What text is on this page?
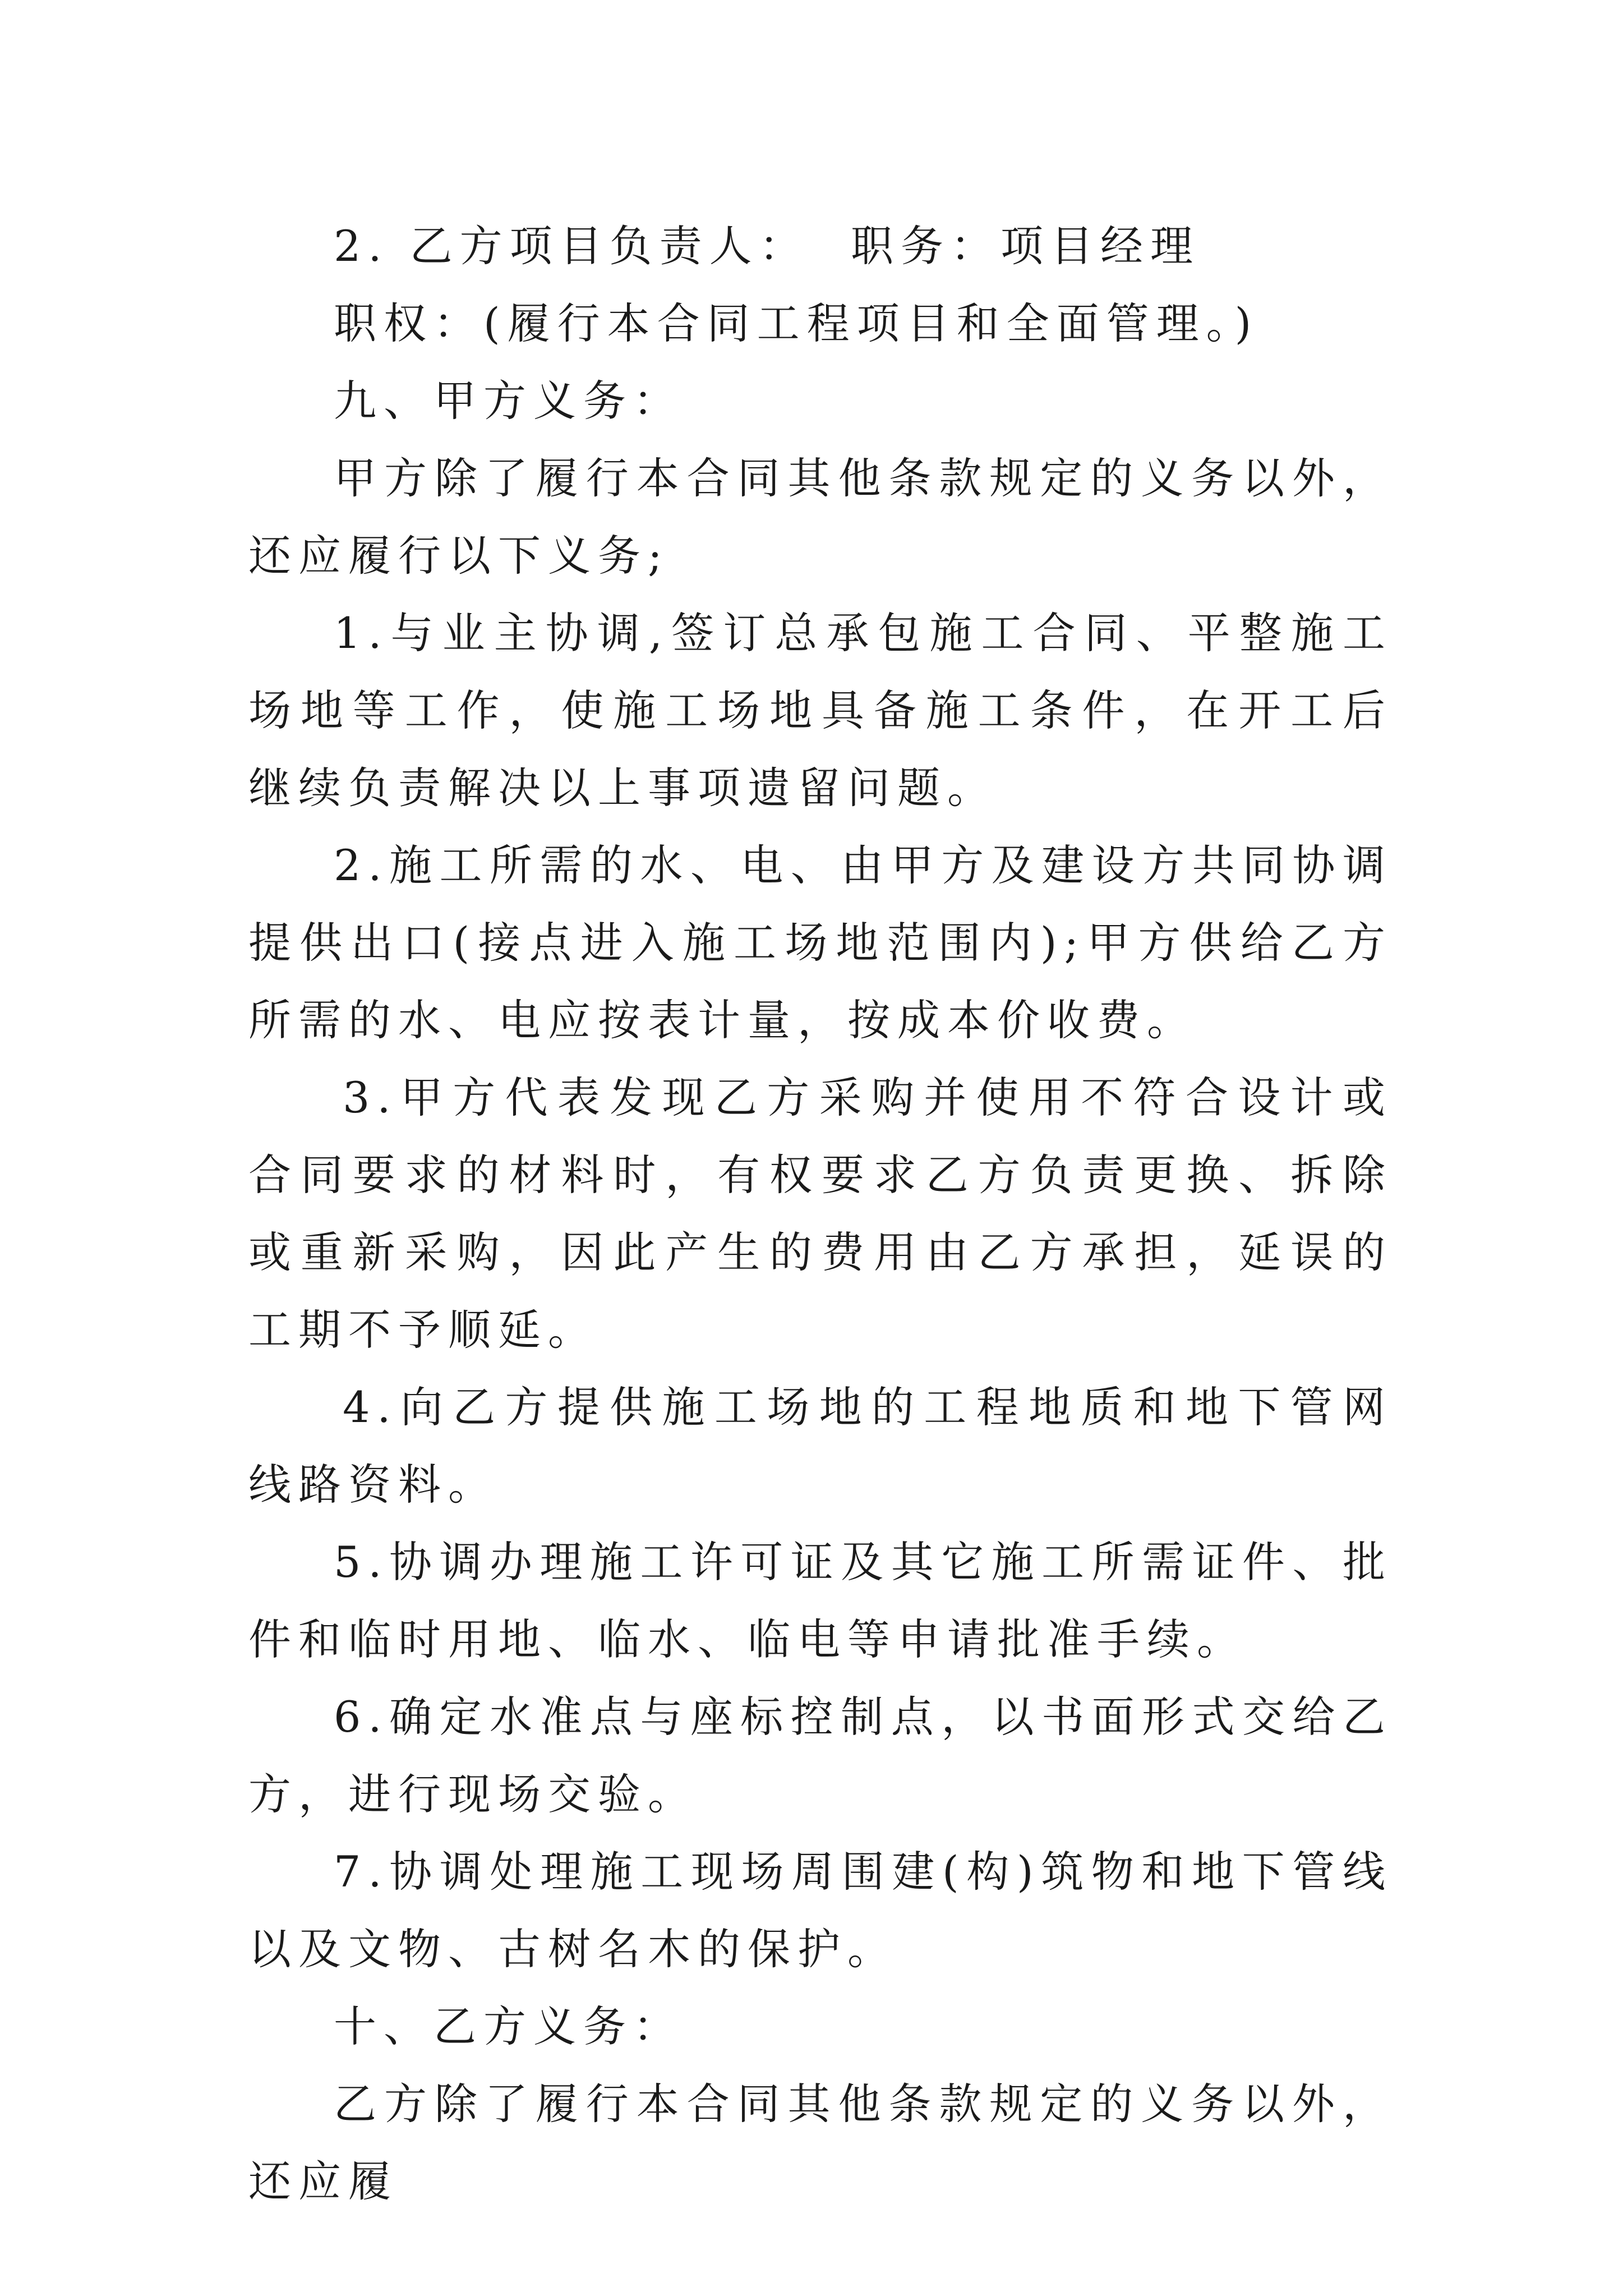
2. 乙方项目负责人：  职务：项目经理

职权：(履行本合同工程项目和全面管理。)

九、甲方义务：

甲方除了履行本合同其他条款规定的义务以外，还应履行以下义务;

1.与业主协调,签订总承包施工合同、平整施工场地等工作，使施工场地具备施工条件，在开工后继续负责解决以上事项遗留问题。

2.施工所需的水、电、由甲方及建设方共同协调提供出口(接点进入施工场地范围内);甲方供给乙方所需的水、电应按表计量，按成本价收费。

3.甲方代表发现乙方采购并使用不符合设计或合同要求的材料时，有权要求乙方负责更换、拆除或重新采购，因此产生的费用由乙方承担，延误的工期不予顺延。

4.向乙方提供施工场地的工程地质和地下管网线路资料。

5.协调办理施工许可证及其它施工所需证件、批件和临时用地、临水、临电等申请批准手续。

6.确定水准点与座标控制点，以书面形式交给乙方，进行现场交验。

7.协调处理施工现场周围建(构)筑物和地下管线以及文物、古树名木的保护。

十、乙方义务：

乙方除了履行本合同其他条款规定的义务以外，还应履
